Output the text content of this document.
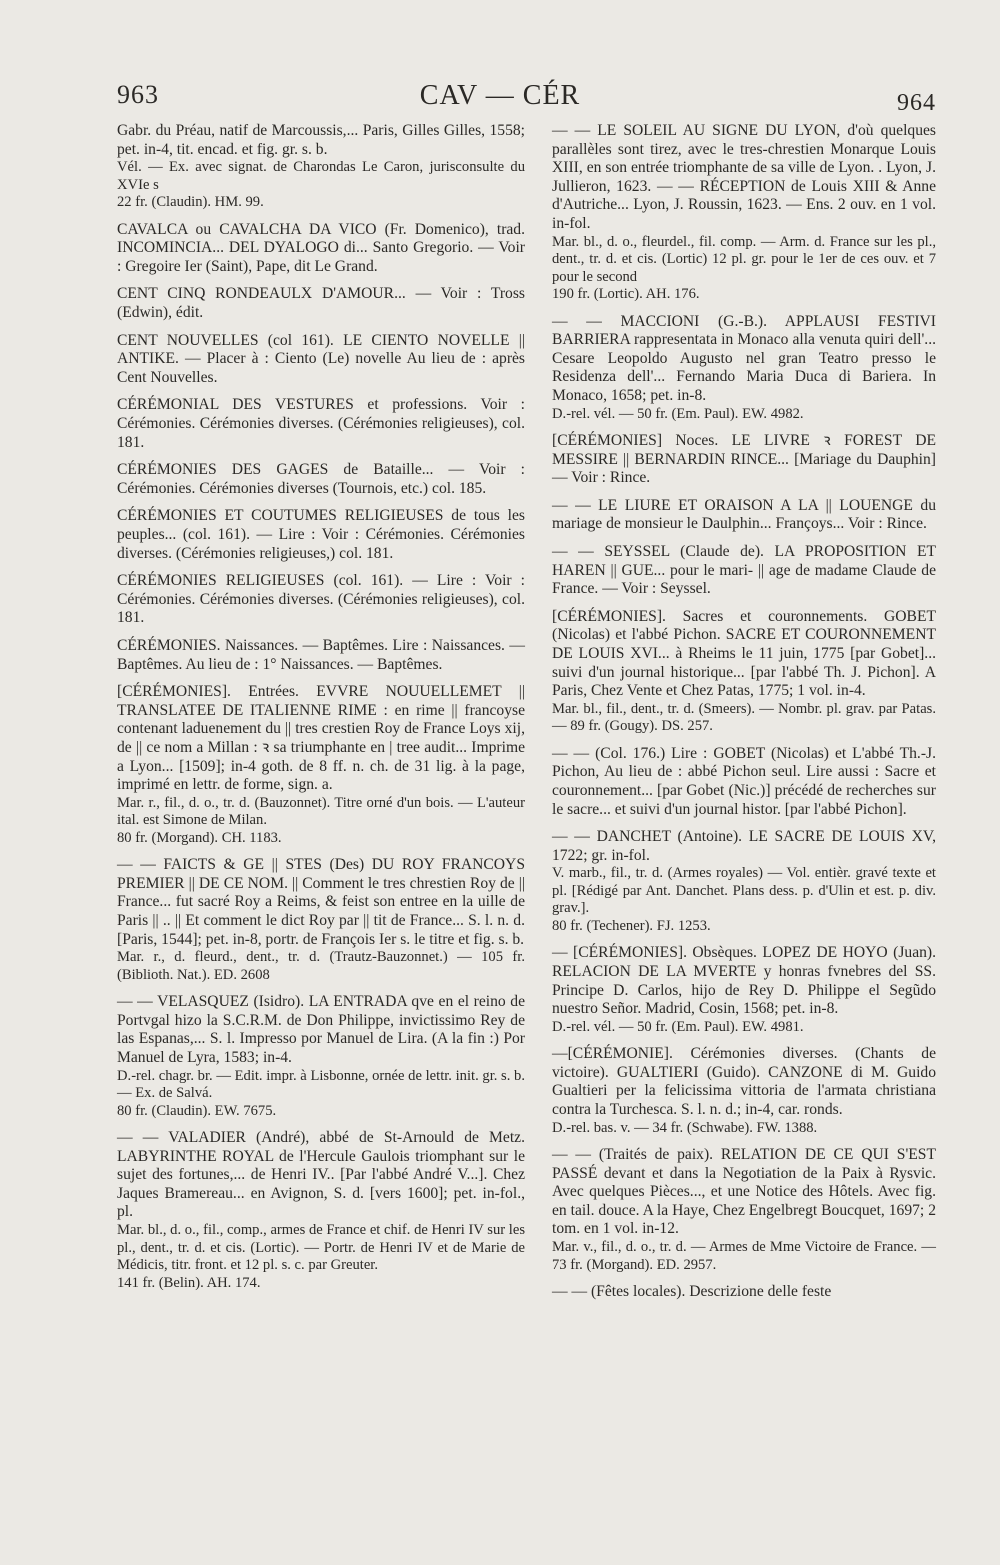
963	CAV — CÉR	964

Gabr. du Préau, natif de Marcoussis,... Paris, Gilles Gilles, 1558; pet. in-4, tit. encad. et fig. gr. s. b.

Vél. — Ex. avec signat. de Charondas Le Caron, jurisconsulte du XVIe s

22 fr. (Claudin). HM. 99.

CAVALCA ou CAVALCHA DA VICO (Fr. Domenico), trad. INCOMINCIA... DEL DYALOGO di... Santo Gregorio. — Voir : Gregoire Ier (Saint), Pape, dit Le Grand.

CENT CINQ RONDEAULX D'AMOUR... — Voir : Tross (Edwin), édit.

CENT NOUVELLES (col 161). LE CIENTO NOVELLE || ANTIKE. — Placer à : Ciento (Le) novelle Au lieu de : après Cent Nouvelles.

CÉRÉMONIAL DES VESTURES et professions. Voir : Cérémonies. Cérémonies diverses. (Cérémonies religieuses), col. 181.

CÉRÉMONIES DES GAGES de Bataille... — Voir : Cérémonies. Cérémonies diverses (Tournois, etc.) col. 185.

CÉRÉMONIES ET COUTUMES RELIGIEUSES de tous les peuples... (col. 161). — Lire : Voir : Cérémonies. Cérémonies diverses. (Cérémonies religieuses,) col. 181.

CÉRÉMONIES RELIGIEUSES (col. 161). — Lire : Voir : Cérémonies. Cérémonies diverses. (Cérémonies religieuses), col. 181.

CÉRÉMONIES. Naissances. — Baptêmes. Lire : Naissances. — Baptêmes. Au lieu de : 1° Naissances. — Baptêmes.

[CÉRÉMONIES]. Entrées. EVVRE NOUUELLEMET || TRANSLATEE DE ITALIENNE RIME : en rime || francoyse contenant laduenement du || tres crestien Roy de France Loys xij, de || ce nom a Millan : ꝛ sa triumphante en | tree audit... Imprime a Lyon... [1509]; in-4 goth. de 8 ff. n. ch. de 31 lig. à la page, imprimé en lettr. de forme, sign. a.

Mar. r., fil., d. o., tr. d. (Bauzonnet). Titre orné d'un bois. — L'auteur ital. est Simone de Milan.

80 fr. (Morgand). CH. 1183.

— — FAICTS & GE || STES (Des) DU ROY FRANCOYS PREMIER || DE CE NOM. || Comment le tres chrestien Roy de || France... fut sacré Roy a Reims, & feist son entree en la uille de Paris || .. || Et comment le dict Roy par || tit de France... S. l. n. d. [Paris, 1544]; pet. in-8, portr. de François Ier s. le titre et fig. s. b.

Mar. r., d. fleurd., dent., tr. d. (Trautz-Bauzonnet.) — 105 fr. (Biblioth. Nat.). ED. 2608

— — VELASQUEZ (Isidro). LA ENTRADA qve en el reino de Portvgal hizo la S.C.R.M. de Don Philippe, invictissimo Rey de las Espanas,... S. l. Impresso por Manuel de Lira. (A la fin :) Por Manuel de Lyra, 1583; in-4.

D.-rel. chagr. br. — Edit. impr. à Lisbonne, ornée de lettr. init. gr. s. b. — Ex. de Salvá.

80 fr. (Claudin). EW. 7675.

— — VALADIER (André), abbé de St-Arnould de Metz. LABYRINTHE ROYAL de l'Hercule Gaulois triomphant sur le sujet des fortunes,... de Henri IV.. [Par l'abbé André V...]. Chez Jaques Bramereau... en Avignon, S. d. [vers 1600]; pet. in-fol., pl.

Mar. bl., d. o., fil., comp., armes de France et chif. de Henri IV sur les pl., dent., tr. d. et cis. (Lortic). — Portr. de Henri IV et de Marie de Médicis, titr. front. et 12 pl. s. c. par Greuter.

141 fr. (Belin). AH. 174.

— — LE SOLEIL AU SIGNE DU LYON, d'où quelques parallèles sont tirez, avec le tres-chrestien Monarque Louis XIII, en son entrée triomphante de sa ville de Lyon. . Lyon, J. Jullieron, 1623. — — RÉCEPTION de Louis XIII & Anne d'Autriche... Lyon, J. Roussin, 1623. — Ens. 2 ouv. en 1 vol. in-fol.

Mar. bl., d. o., fleurdel., fil. comp. — Arm. d. France sur les pl., dent., tr. d. et cis. (Lortic) 12 pl. gr. pour le 1er de ces ouv. et 7 pour le second

190 fr. (Lortic). AH. 176.

— — MACCIONI (G.-B.). APPLAUSI FESTIVI BARRIERA rappresentata in Monaco alla venuta quiri dell'... Cesare Leopoldo Augusto nel gran Teatro presso le Residenza dell'... Fernando Maria Duca di Bariera. In Monaco, 1658; pet. in-8.

D.-rel. vél. — 50 fr. (Em. Paul). EW. 4982.

[CÉRÉMONIES] Noces. LE LIVRE ꝛ FOREST DE MESSIRE || BERNARDIN RINCE... [Mariage du Dauphin] — Voir : Rince.

— — LE LIURE ET ORAISON A LA || LOUENGE du mariage de monsieur le Daulphin... Françoys... Voir : Rince.

— — SEYSSEL (Claude de). LA PROPOSITION ET HAREN || GUE... pour le mari- || age de madame Claude de France. — Voir : Seyssel.

[CÉRÉMONIES]. Sacres et couronnements. GOBET (Nicolas) et l'abbé Pichon. SACRE ET COURONNEMENT DE LOUIS XVI... à Rheims le 11 juin, 1775 [par Gobet]... suivi d'un journal historique... [par l'abbé Th. J. Pichon]. A Paris, Chez Vente et Chez Patas, 1775; 1 vol. in-4.

Mar. bl., fil., dent., tr. d. (Smeers). — Nombr. pl. grav. par Patas. — 89 fr. (Gougy). DS. 257.

— — (Col. 176.) Lire : GOBET (Nicolas) et L'abbé Th.-J. Pichon, Au lieu de : abbé Pichon seul. Lire aussi : Sacre et couronnement... [par Gobet (Nic.)] précédé de recherches sur le sacre... et suivi d'un journal histor. [par l'abbé Pichon].

— — DANCHET (Antoine). LE SACRE DE LOUIS XV, 1722; gr. in-fol.

V. marb., fil., tr. d. (Armes royales) — Vol. entièr. gravé texte et pl. [Rédigé par Ant. Danchet. Plans dess. p. d'Ulin et est. p. div. grav.].

80 fr. (Techener). FJ. 1253.

— [CÉRÉMONIES]. Obsèques. LOPEZ DE HOYO (Juan). RELACION DE LA MVERTE y honras fvnebres del SS. Principe D. Carlos, hijo de Rey D. Philippe el Segũdo nuestro Señor. Madrid, Cosin, 1568; pet. in-8.

D.-rel. vél. — 50 fr. (Em. Paul). EW. 4981.

—[CÉRÉMONIE]. Cérémonies diverses. (Chants de victoire). GUALTIERI (Guido). CANZONE di M. Guido Gualtieri per la felicissima vittoria de l'armata christiana contra la Turchesca. S. l. n. d.; in-4, car. ronds.

D.-rel. bas. v. — 34 fr. (Schwabe). FW. 1388.

— — (Traités de paix). RELATION DE CE QUI S'EST PASSÉ devant et dans la Negotiation de la Paix à Rysvic. Avec quelques Pièces..., et une Notice des Hôtels. Avec fig. en tail. douce. A la Haye, Chez Engelbregt Boucquet, 1697; 2 tom. en 1 vol. in-12.

Mar. v., fil., d. o., tr. d. — Armes de Mme Victoire de France. — 73 fr. (Morgand). ED. 2957.

— — (Fêtes locales). Descrizione delle feste
